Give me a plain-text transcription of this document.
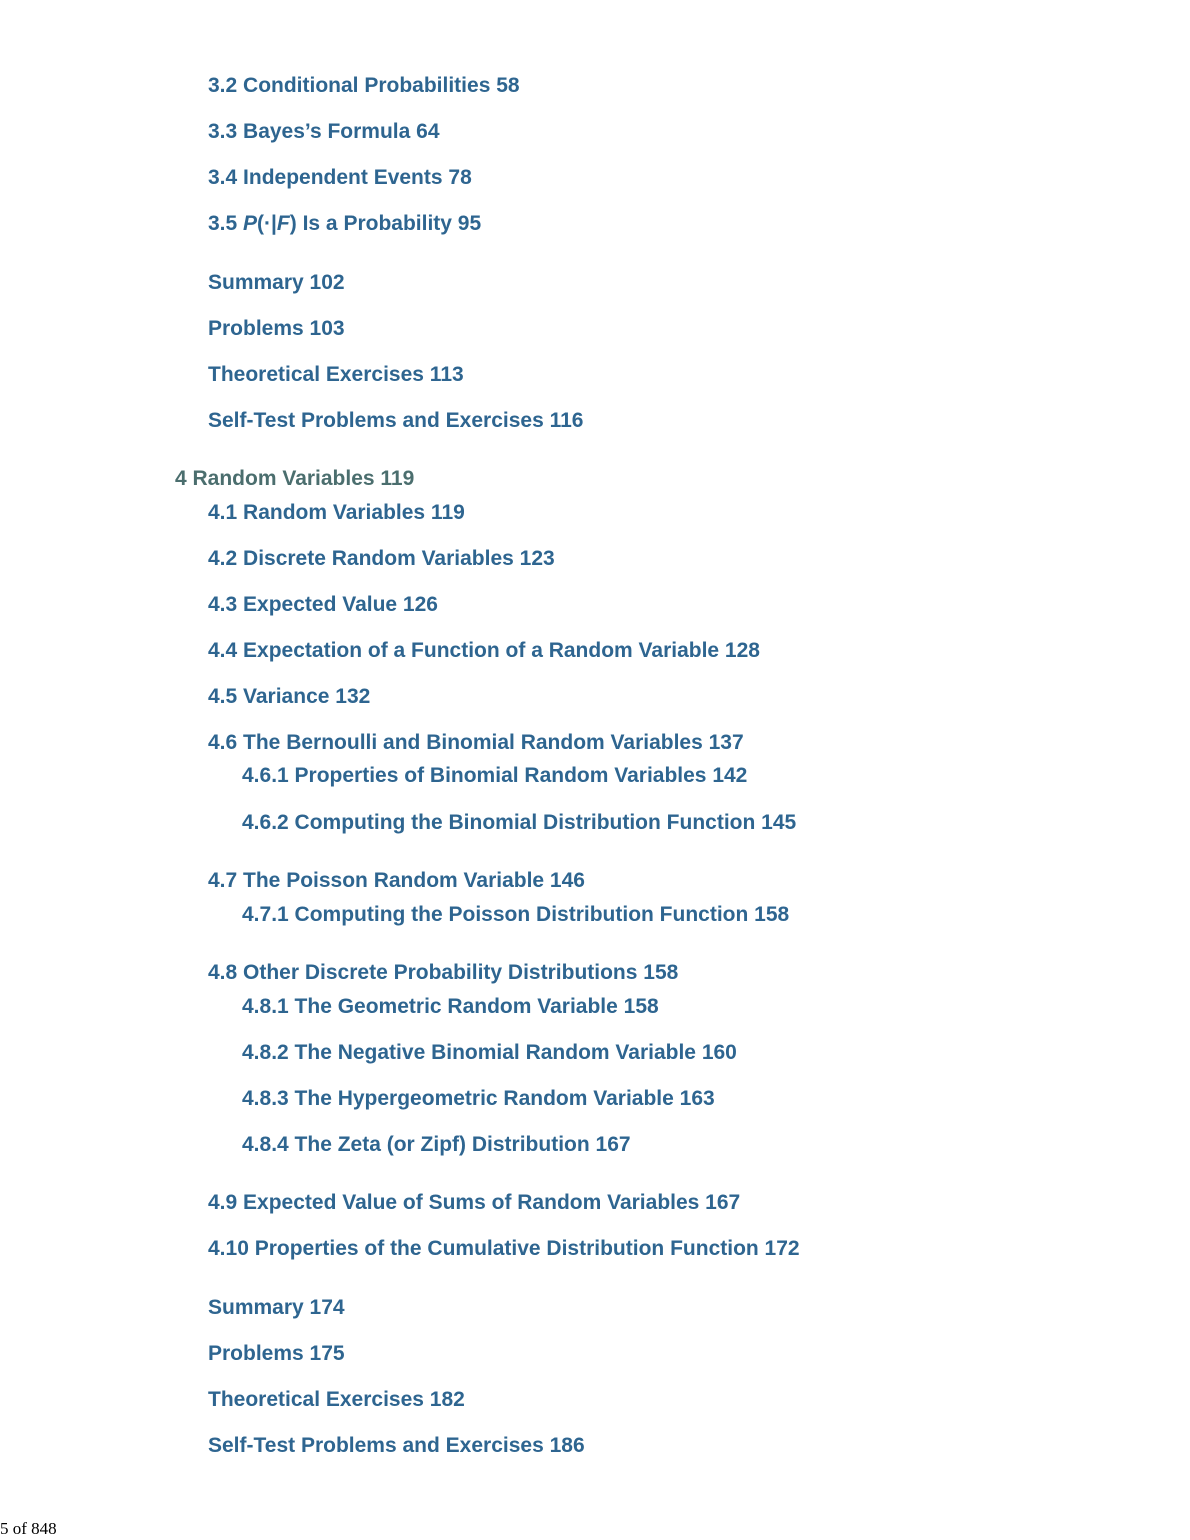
3.2 Conditional Probabilities 58
3.3 Bayes’s Formula 64
3.4 Independent Events 78
3.5 P(·|F) Is a Probability 95
Summary 102
Problems 103
Theoretical Exercises 113
Self-Test Problems and Exercises 116
4 Random Variables 119
4.1 Random Variables 119
4.2 Discrete Random Variables 123
4.3 Expected Value 126
4.4 Expectation of a Function of a Random Variable 128
4.5 Variance 132
4.6 The Bernoulli and Binomial Random Variables 137
4.6.1 Properties of Binomial Random Variables 142
4.6.2 Computing the Binomial Distribution Function 145
4.7 The Poisson Random Variable 146
4.7.1 Computing the Poisson Distribution Function 158
4.8 Other Discrete Probability Distributions 158
4.8.1 The Geometric Random Variable 158
4.8.2 The Negative Binomial Random Variable 160
4.8.3 The Hypergeometric Random Variable 163
4.8.4 The Zeta (or Zipf) Distribution 167
4.9 Expected Value of Sums of Random Variables 167
4.10 Properties of the Cumulative Distribution Function 172
Summary 174
Problems 175
Theoretical Exercises 182
Self-Test Problems and Exercises 186
5 of 848
